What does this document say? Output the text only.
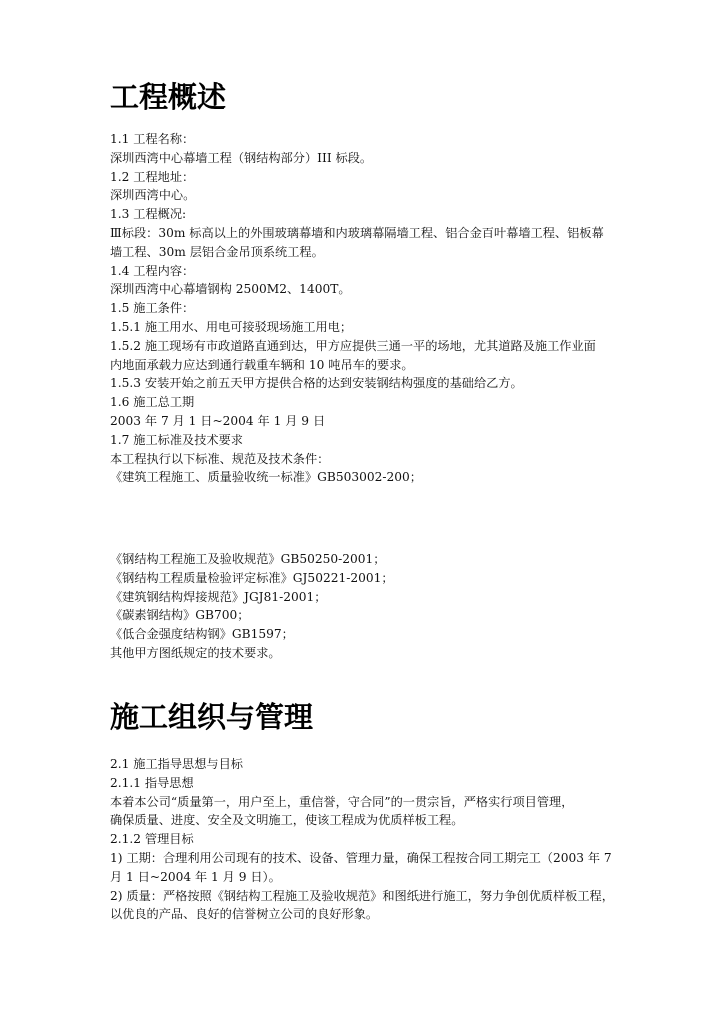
工程概述
1.1 工程名称：
深圳西湾中心幕墙工程（钢结构部分）III 标段。
1.2 工程地址：
深圳西湾中心。
1.3 工程概况:
Ⅲ标段：30m 标高以上的外围玻璃幕墙和内玻璃幕隔墙工程、铝合金百叶幕墙工程、铝板幕
墙工程、30m 层铝合金吊顶系统工程。
1.4 工程内容：
深圳西湾中心幕墙钢构 2500M2、1400T。
1.5 施工条件：
1.5.1 施工用水、用电可接驳现场施工用电；
1.5.2 施工现场有市政道路直通到达，甲方应提供三通一平的场地，尤其道路及施工作业面
内地面承载力应达到通行载重车辆和 10 吨吊车的要求。
1.5.3 安装开始之前五天甲方提供合格的达到安装钢结构强度的基础给乙方。
1.6 施工总工期
2003 年 7 月 1 日~2004 年 1 月 9 日
1.7 施工标准及技术要求
本工程执行以下标准、规范及技术条件：
《建筑工程施工、质量验收统一标准》GB503002-200；
《钢结构工程施工及验收规范》GB50250-2001；
《钢结构工程质量检验评定标准》GJ50221-2001；
《建筑钢结构焊接规范》JGJ81-2001；
《碳素钢结构》GB700；
《低合金强度结构钢》GB1597；
其他甲方图纸规定的技术要求。
施工组织与管理
2.1 施工指导思想与目标
2.1.1 指导思想
本着本公司“质量第一，用户至上，重信誉，守合同”的一贯宗旨，严格实行项目管理，
确保质量、进度、安全及文明施工，使该工程成为优质样板工程。
2.1.2 管理目标
1) 工期：合理利用公司现有的技术、设备、管理力量，确保工程按合同工期完工（2003 年 7
月 1 日~2004 年 1 月 9 日）。
2) 质量：严格按照《钢结构工程施工及验收规范》和图纸进行施工，努力争创优质样板工程，
以优良的产品、良好的信誉树立公司的良好形象。
